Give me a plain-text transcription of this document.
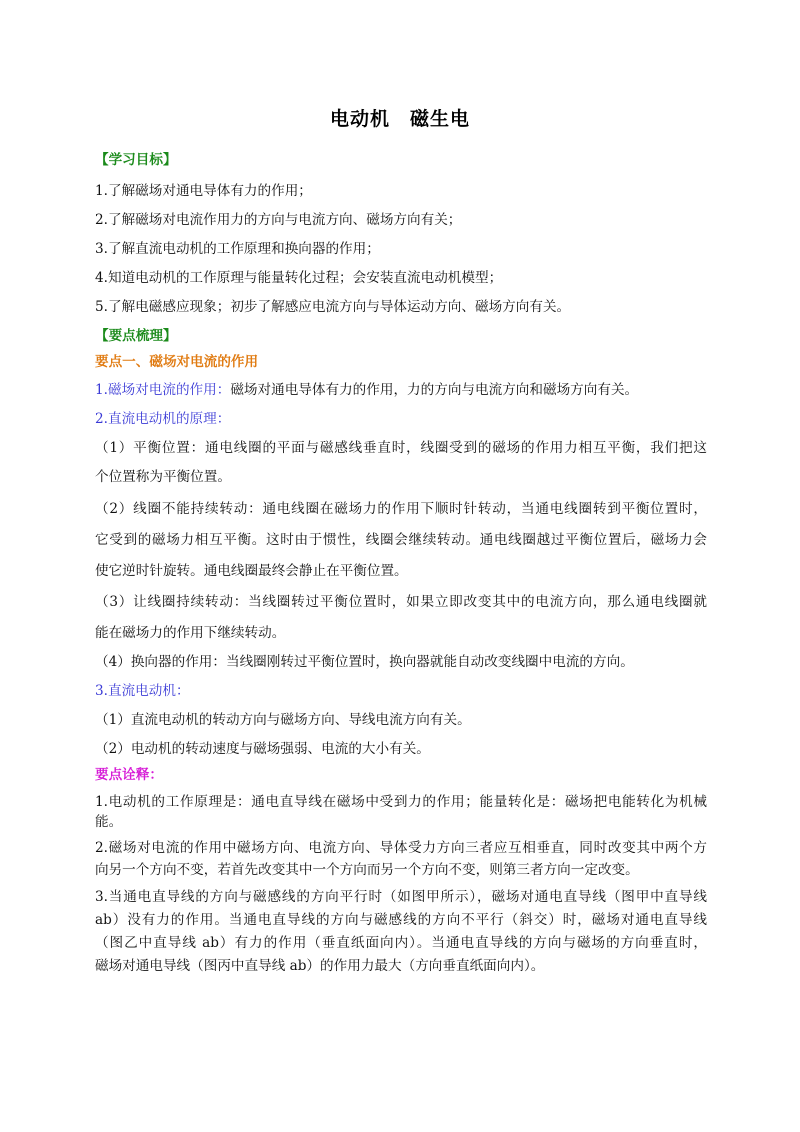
电动机　磁生电
【学习目标】
1.了解磁场对通电导体有力的作用；
2.了解磁场对电流作用力的方向与电流方向、磁场方向有关；
3.了解直流电动机的工作原理和换向器的作用；
4.知道电动机的工作原理与能量转化过程；会安装直流电动机模型；
5.了解电磁感应现象；初步了解感应电流方向与导体运动方向、磁场方向有关。
【要点梳理】
要点一、磁场对电流的作用
1.磁场对电流的作用：磁场对通电导体有力的作用，力的方向与电流方向和磁场方向有关。
2.直流电动机的原理：
（1）平衡位置：通电线圈的平面与磁感线垂直时，线圈受到的磁场的作用力相互平衡，我们把这
个位置称为平衡位置。
（2）线圈不能持续转动：通电线圈在磁场力的作用下顺时针转动，当通电线圈转到平衡位置时，
它受到的磁场力相互平衡。这时由于惯性，线圈会继续转动。通电线圈越过平衡位置后，磁场力会
使它逆时针旋转。通电线圈最终会静止在平衡位置。
（3）让线圈持续转动：当线圈转过平衡位置时，如果立即改变其中的电流方向，那么通电线圈就
能在磁场力的作用下继续转动。
（4）换向器的作用：当线圈刚转过平衡位置时，换向器就能自动改变线圈中电流的方向。
3.直流电动机：
（1）直流电动机的转动方向与磁场方向、导线电流方向有关。
（2）电动机的转动速度与磁场强弱、电流的大小有关。
要点诠释：
1.电动机的工作原理是：通电直导线在磁场中受到力的作用；能量转化是：磁场把电能转化为机械
能。
2.磁场对电流的作用中磁场方向、电流方向、导体受力方向三者应互相垂直，同时改变其中两个方
向另一个方向不变，若首先改变其中一个方向而另一个方向不变，则第三者方向一定改变。
3.当通电直导线的方向与磁感线的方向平行时（如图甲所示），磁场对通电直导线（图甲中直导线
ab）没有力的作用。当通电直导线的方向与磁感线的方向不平行（斜交）时，磁场对通电直导线
（图乙中直导线 ab）有力的作用（垂直纸面向内）。当通电直导线的方向与磁场的方向垂直时，
磁场对通电导线（图丙中直导线 ab）的作用力最大（方向垂直纸面向内）。
